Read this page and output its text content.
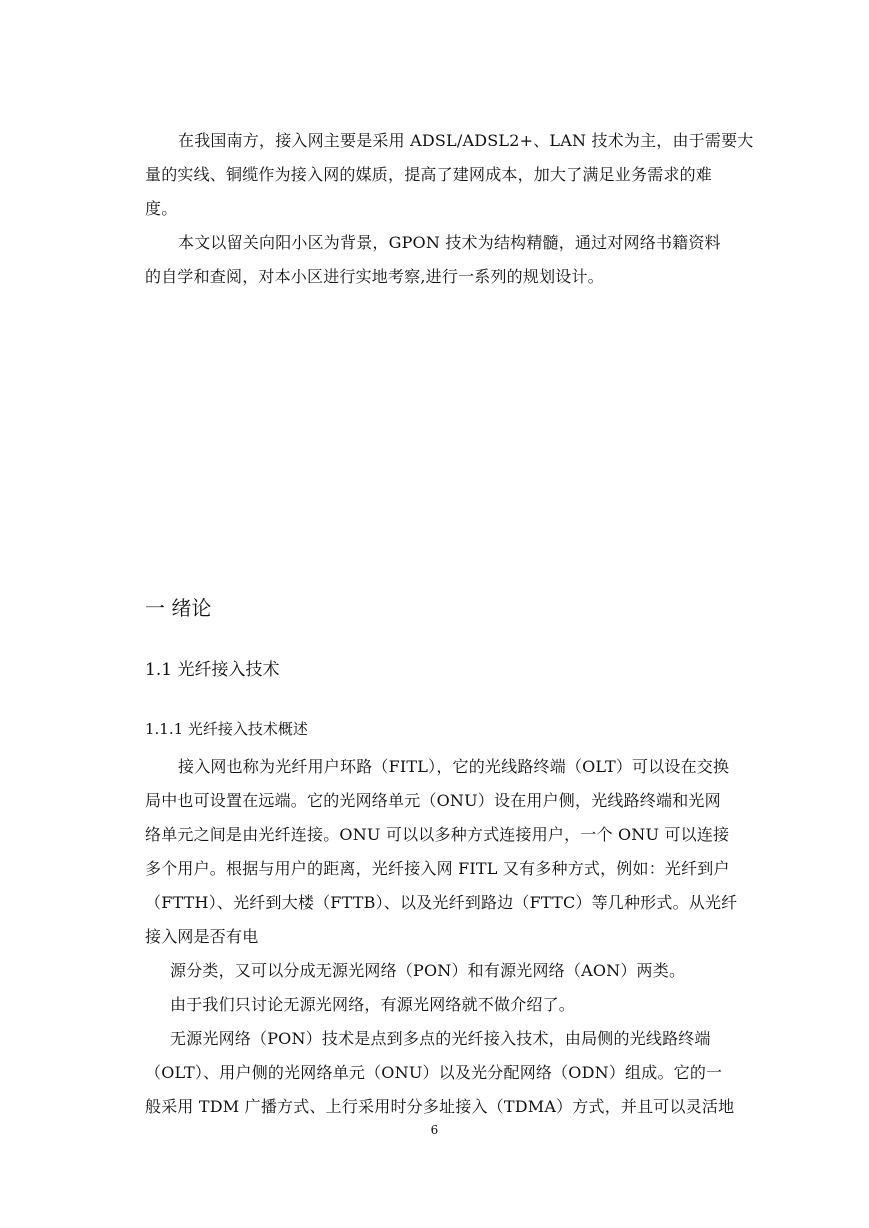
在我国南方，接入网主要是采用 ADSL/ADSL2+、LAN 技术为主，由于需要大
量的实线、铜缆作为接入网的媒质，提高了建网成本，加大了满足业务需求的难
度。
本文以留关向阳小区为背景，GPON 技术为结构精髓，通过对网络书籍资料
的自学和查阅，对本小区进行实地考察,进行一系列的规划设计。
一 绪论
1.1 光纤接入技术
1.1.1 光纤接入技术概述
接入网也称为光纤用户环路（FITL），它的光线路终端（OLT）可以设在交换
局中也可设置在远端。它的光网络单元（ONU）设在用户侧，光线路终端和光网
络单元之间是由光纤连接。ONU 可以以多种方式连接用户，一个 ONU 可以连接
多个用户。根据与用户的距离，光纤接入网 FITL 又有多种方式，例如：光纤到户
（FTTH）、光纤到大楼（FTTB）、以及光纤到路边（FTTC）等几种形式。从光纤
接入网是否有电
源分类，又可以分成无源光网络（PON）和有源光网络（AON）两类。
由于我们只讨论无源光网络，有源光网络就不做介绍了。
无源光网络（PON）技术是点到多点的光纤接入技术，由局侧的光线路终端
（OLT）、用户侧的光网络单元（ONU）以及光分配网络（ODN）组成。它的一
般采用 TDM 广播方式、上行采用时分多址接入（TDMA）方式，并且可以灵活地
6
